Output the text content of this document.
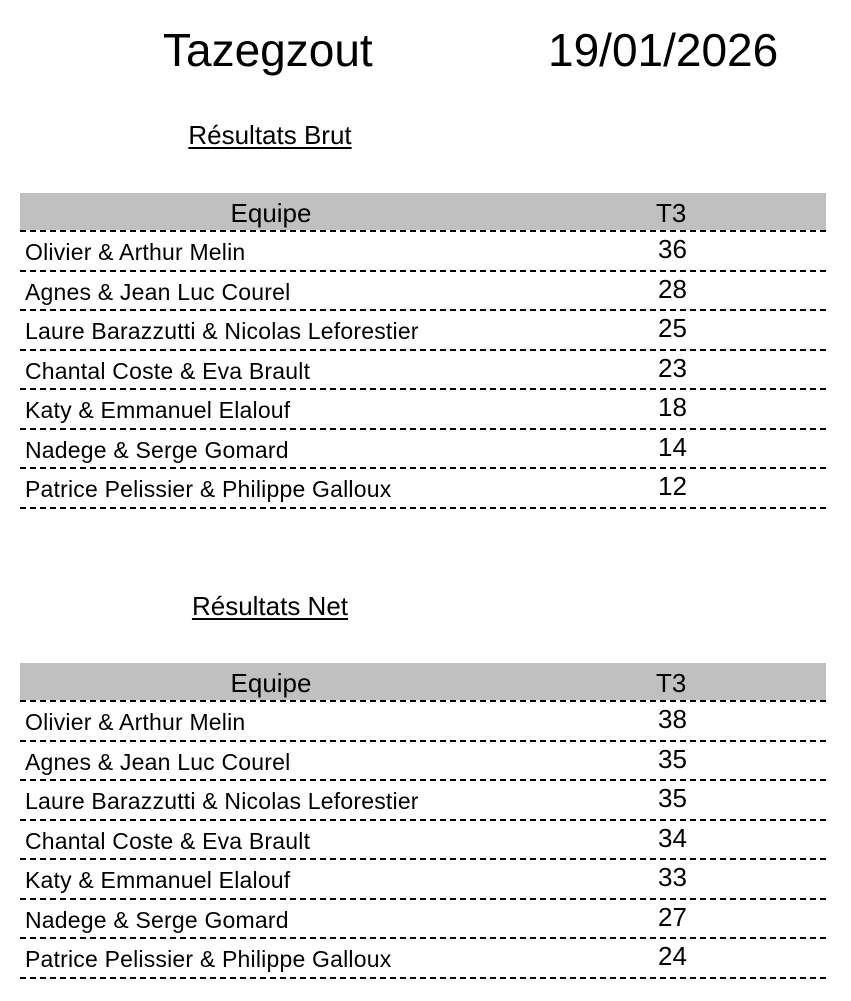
Tazegzout	19/01/2026
Résultats Brut
Equipe	T3
Olivier & Arthur Melin	36
Agnes & Jean Luc Courel	28
Laure Barazzutti & Nicolas Leforestier	25
Chantal Coste & Eva Brault	23
Katy & Emmanuel Elalouf	18
Nadege & Serge Gomard	14
Patrice Pelissier & Philippe Galloux	12
Résultats Net
Equipe	T3
Olivier & Arthur Melin	38
Agnes & Jean Luc Courel	35
Laure Barazzutti & Nicolas Leforestier	35
Chantal Coste & Eva Brault	34
Katy & Emmanuel Elalouf	33
Nadege & Serge Gomard	27
Patrice Pelissier & Philippe Galloux	24
